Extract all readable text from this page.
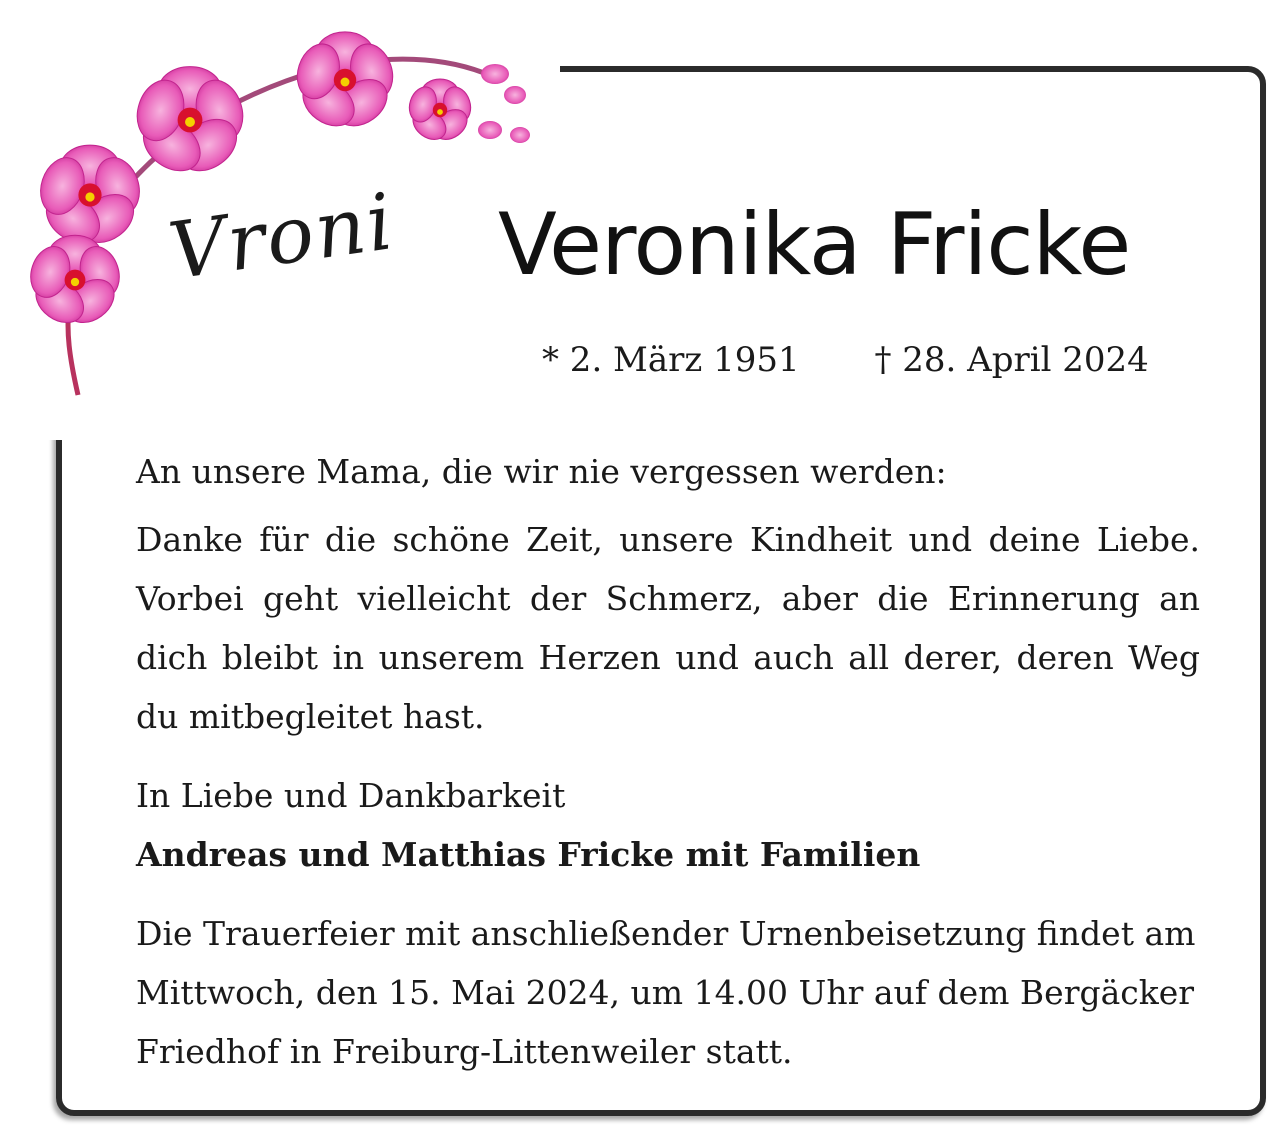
Vroni Veronika Fricke
* 2. März 1951 † 28. April 2024
An unsere Mama, die wir nie vergessen werden:
Danke für die schöne Zeit, unsere Kindheit und deine Liebe. Vorbei geht vielleicht der Schmerz, aber die Erinnerung an dich bleibt in unserem Herzen und auch all derer, deren Weg du mitbegleitet hast.
In Liebe und Dankbarkeit
Andreas und Matthias Fricke mit Familien
Die Trauerfeier mit anschließender Urnenbeisetzung findet am Mittwoch, den 15. Mai 2024, um 14.00 Uhr auf dem Bergäcker Friedhof in Freiburg-Littenweiler statt.
